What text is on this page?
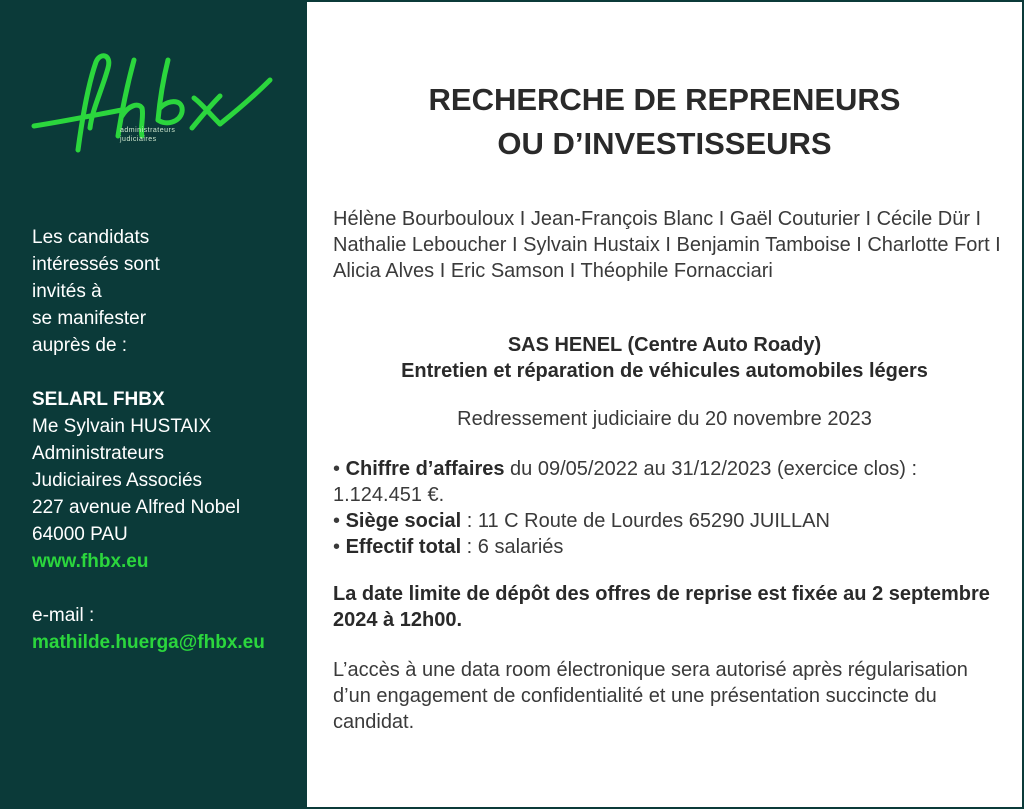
administrateurs
judiciaires
Les candidats
intéressés sont
invités à
se manifester
auprès de :
SELARL FHBX
Me Sylvain HUSTAIX
Administrateurs
Judiciaires Associés
227 avenue Alfred Nobel
64000 PAU
www.fhbx.eu
e-mail :
mathilde.huerga@fhbx.eu
RECHERCHE DE REPRENEURS
OU D’INVESTISSEURS
Hélène Bourbouloux I Jean-François Blanc I Gaël Couturier I Cécile Dür I Nathalie Leboucher I Sylvain Hustaix I Benjamin Tamboise I Charlotte Fort I Alicia Alves I Eric Samson I Théophile Fornacciari
SAS HENEL (Centre Auto Roady)
Entretien et réparation de véhicules automobiles légers
Redressement judiciaire du 20 novembre 2023
• Chiffre d’affaires du 09/05/2022 au 31/12/2023 (exercice clos) : 1.124.451 €.
• Siège social : 11 C Route de Lourdes 65290 JUILLAN
• Effectif total : 6 salariés
La date limite de dépôt des offres de reprise est fixée au 2 septembre 2024 à 12h00.
L’accès à une data room électronique sera autorisé après régularisation d’un engagement de confidentialité et une présentation succincte du candidat.
